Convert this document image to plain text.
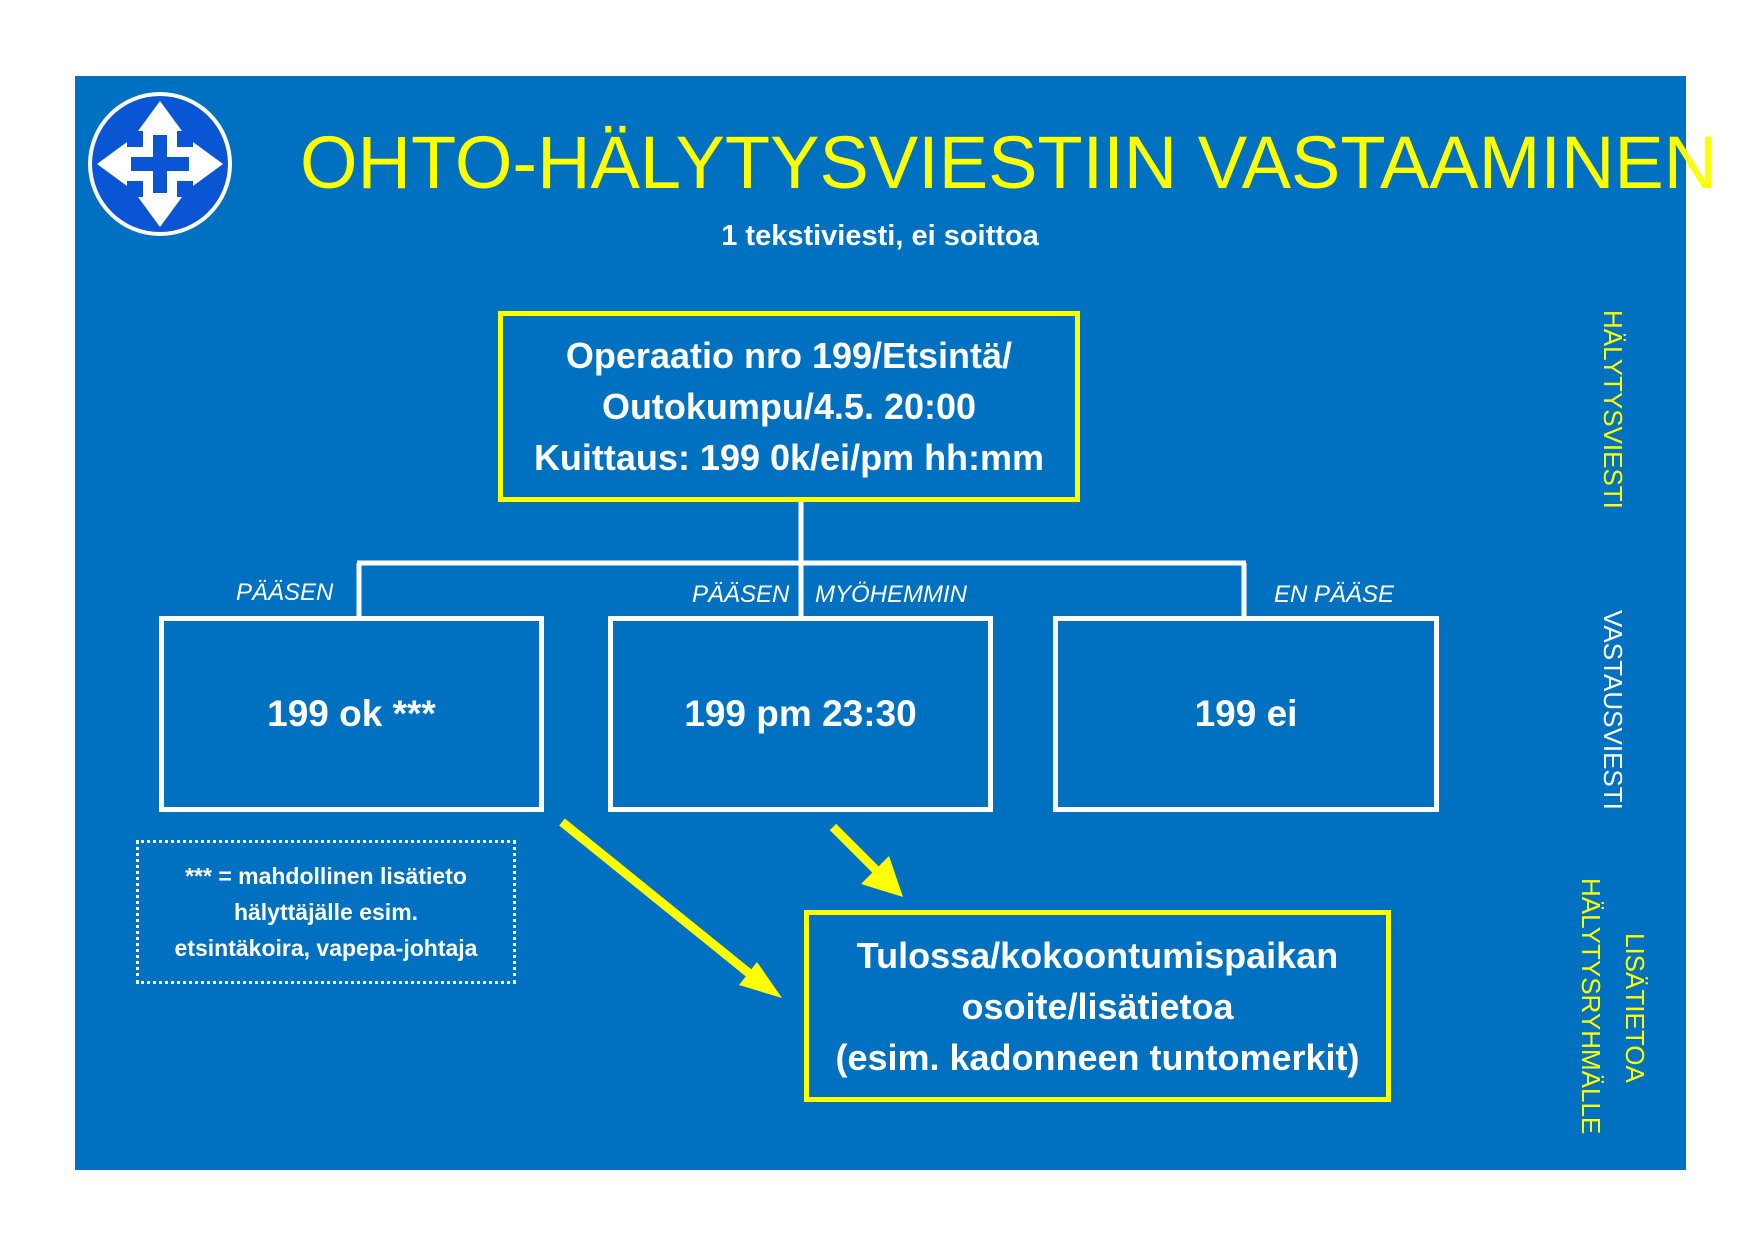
OHTO-HÄLYTYSVIESTIIN VASTAAMINEN
1 tekstiviesti, ei soittoa
Operaatio nro 199/Etsintä/
Outokumpu/4.5. 20:00
Kuittaus: 199 0k/ei/pm hh:mm
PÄÄSEN	PÄÄSEN MYÖHEMMIN	EN PÄÄSE
199 ok ***	199 pm 23:30	199 ei
*** = mahdollinen lisätieto
hälyttäjälle esim.
etsintäkoira, vapepa-johtaja	Tulossa/kokoontumispaikan
osoite/lisätietoa
(esim. kadonneen tuntomerkit)
HÄLYTYSVIESTI
VASTAUSVIESTI
LISÄTIETOA
HÄLYTYSRYHMÄLLE
